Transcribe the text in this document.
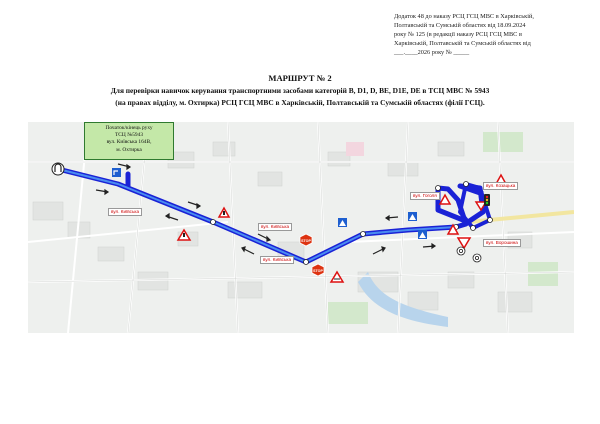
Додаток 48 до наказу РСЦ ГСЦ МВС в Харківській,
Полтавській та Сумській областях від 18.09.2024
року № 125 (в редакції наказу РСЦ ГСЦ МВС в
Харківській, Полтавській та Сумській областях від
___.____2026 року № _____
МАРШРУТ № 2
Для перевірки навичок керування транспортними засобами категорій B, D1, D, BE, D1E, DE в ТСЦ МВС № 5943
(на правах відділу, м. Охтирка) РСЦ ГСЦ МВС в Харківській, Полтавській та Сумській областях (філії ГСЦ).
STOP
STOP
Початок/кінець руху
ТСЦ №5943
вул. Київська 164В,
м. Охтирка
вул. Київська
вул. Київська
вул. Київська
вул. Гоголя
вул. Козацька
вул. Ворошина
